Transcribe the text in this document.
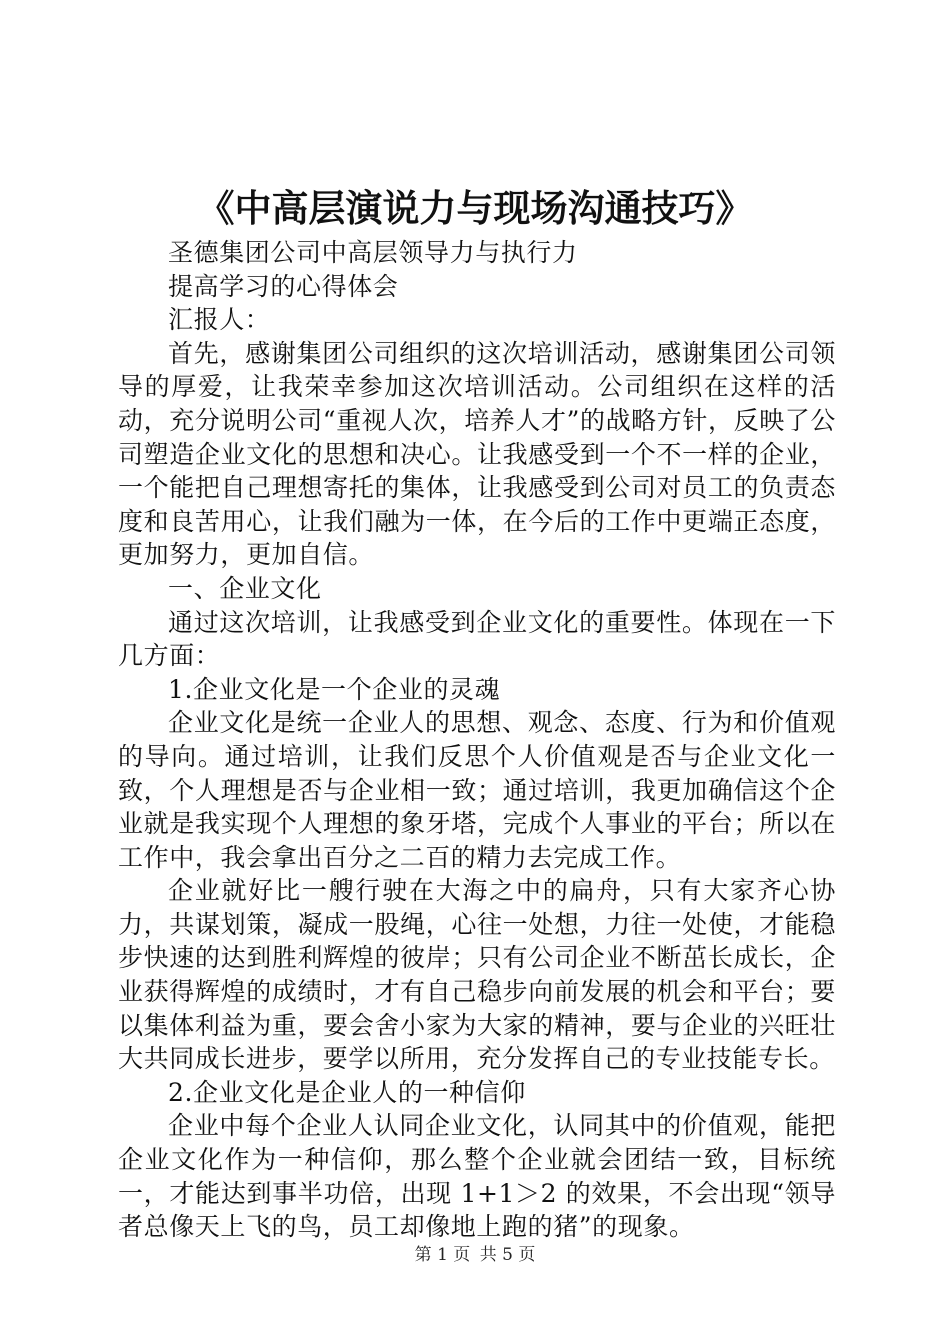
《中高层演说力与现场沟通技巧》

圣德集团公司中高层领导力与执行力

提高学习的心得体会

汇报人：

首先，感谢集团公司组织的这次培训活动，感谢集团公司领导的厚爱，让我荣幸参加这次培训活动。公司组织在这样的活动，充分说明公司“重视人次，培养人才”的战略方针，反映了公司塑造企业文化的思想和决心。让我感受到一个不一样的企业，一个能把自己理想寄托的集体，让我感受到公司对员工的负责态度和良苦用心，让我们融为一体，在今后的工作中更端正态度，更加努力，更加自信。

一、企业文化

通过这次培训，让我感受到企业文化的重要性。体现在一下几方面：

1.企业文化是一个企业的灵魂

企业文化是统一企业人的思想、观念、态度、行为和价值观的导向。通过培训，让我们反思个人价值观是否与企业文化一致，个人理想是否与企业相一致；通过培训，我更加确信这个企业就是我实现个人理想的象牙塔，完成个人事业的平台；所以在工作中，我会拿出百分之二百的精力去完成工作。

企业就好比一艘行驶在大海之中的扁舟，只有大家齐心协力，共谋划策，凝成一股绳，心往一处想，力往一处使，才能稳步快速的达到胜利辉煌的彼岸；只有公司企业不断茁长成长，企业获得辉煌的成绩时，才有自己稳步向前发展的机会和平台；要以集体利益为重，要会舍小家为大家的精神，要与企业的兴旺壮大共同成长进步，要学以所用，充分发挥自己的专业技能专长。

2.企业文化是企业人的一种信仰

企业中每个企业人认同企业文化，认同其中的价值观，能把企业文化作为一种信仰，那么整个企业就会团结一致，目标统一，才能达到事半功倍，出现 1+1＞2 的效果，不会出现“领导者总像天上飞的鸟，员工却像地上跑的猪”的现象。

第 1 页 共 5 页
